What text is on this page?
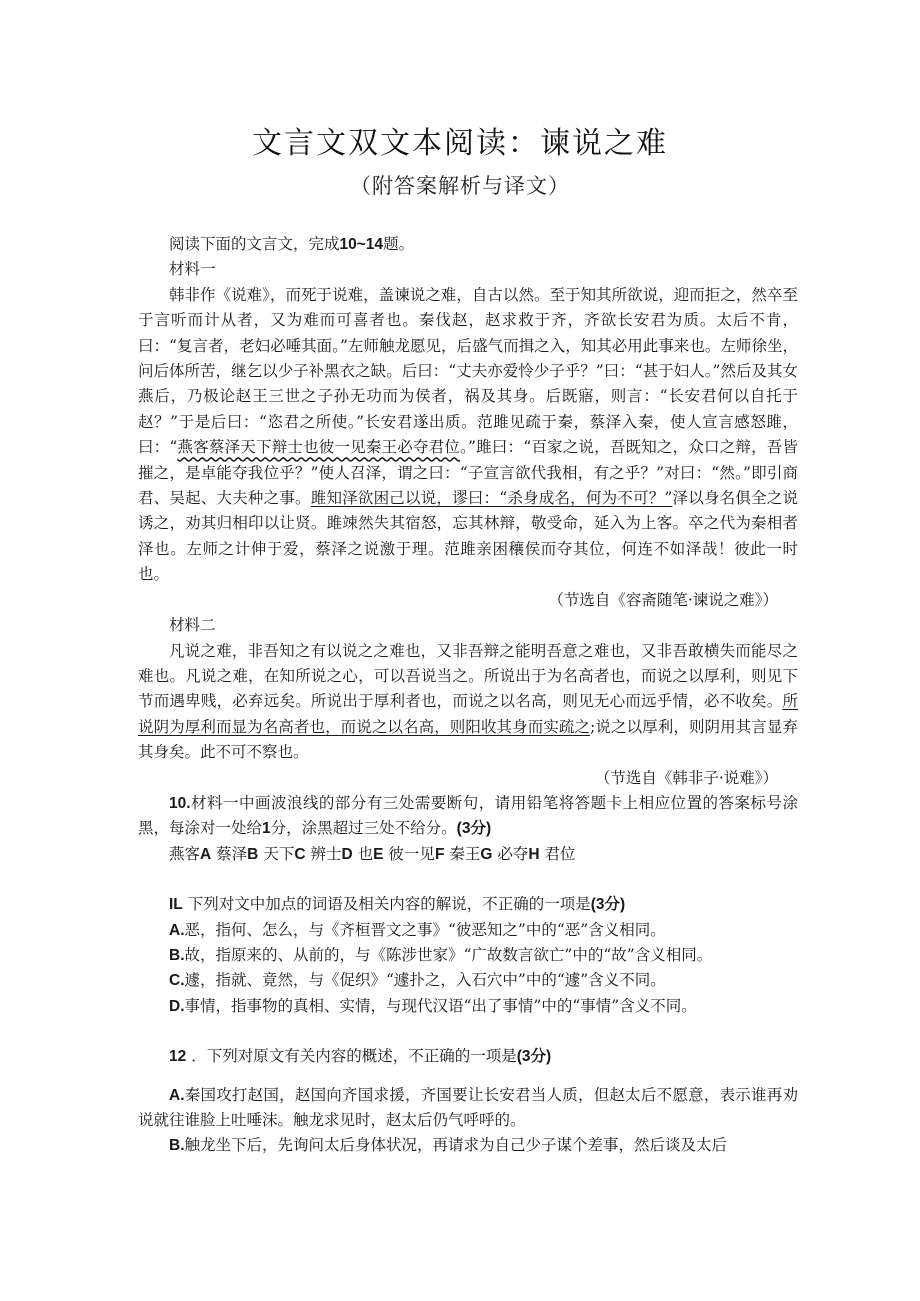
文言文双文本阅读：谏说之难
（附答案解析与译文）

阅读下面的文言文，完成10~14题。

材料一

韩非作《说难》，而死于说难，盖谏说之难，自古以然。至于知其所欲说，迎而拒之，然卒至于言听而计从者，又为难而可喜者也。秦伐赵，赵求救于齐，齐欲长安君为质。太后不肯，曰：“复言者，老妇必唾其面。”左师触龙愿见，后盛气而揖之入，知其必用此事来也。左师徐坐，问后体所苦，继乞以少子补黑衣之缺。后曰：“丈夫亦爱怜少子乎？”曰：“甚于妇人。”然后及其女燕后，乃极论赵王三世之子孙无功而为侯者，祸及其身。后既寤，则言：“长安君何以自托于赵？”于是后曰：“恣君之所使。”长安君遂出质。范雎见疏于秦，蔡泽入秦，使人宣言感怒雎，曰：“燕客蔡泽天下辩士也彼一见秦王必夺君位。”雎曰：“百家之说，吾既知之，众口之辩，吾皆摧之，是卓能夺我位乎？”使人召泽，谓之曰：“子宣言欲代我相，有之乎？”对曰：“然。”即引商君、吴起、大夫种之事。雎知泽欲困己以说，谬曰：“杀身成名，何为不可？”泽以身名俱全之说诱之，劝其归相印以让贤。雎竦然失其宿怒，忘其林辩，敬受命，延入为上客。卒之代为秦相者泽也。左师之计伸于爱，蔡泽之说激于理。范雎亲困穰侯而夺其位，何连不如泽哉！彼此一时也。

（节选自《容斋随笔·谏说之难》）

材料二

凡说之难，非吾知之有以说之之难也，又非吾辩之能明吾意之难也，又非吾敢横失而能尽之难也。凡说之难，在知所说之心，可以吾说当之。所说出于为名高者也，而说之以厚利，则见下节而遇卑贱，必弃远矣。所说出于厚利者也，而说之以名高，则见无心而远乎情，必不收矣。所说阴为厚利而显为名高者也，而说之以名高，则阳收其身而实疏之;说之以厚利，则阴用其言显弃其身矣。此不可不察也。

（节选自《韩非子·说难》）

10.材料一中画波浪线的部分有三处需要断句，请用铅笔将答题卡上相应位置的答案标号涂黑，每涂对一处给1分，涂黑超过三处不给分。(3分)

燕客A 蔡泽B 天下C 辨士D 也E 彼一见F 秦王G 必夺H 君位

IL 下列对文中加点的词语及相关内容的解说，不正确的一项是(3分)

A.恶，指何、怎么，与《齐桓晋文之事》“彼恶知之”中的“恶”含义相同。

B.故，指原来的、从前的，与《陈涉世家》“广故数言欲亡”中的“故”含义相同。

C.遽，指就、竟然，与《促织》“遽扑之，入石穴中”中的“遽”含义不同。

D.事情，指事物的真相、实情，与现代汉语“出了事情”中的“事情”含义不同。

12 ．下列对原文有关内容的概述，不正确的一项是(3分)

A.秦国攻打赵国，赵国向齐国求援，齐国要让长安君当人质，但赵太后不愿意，表示谁再劝说就往谁脸上吐唾沫。触龙求见时，赵太后仍气呼呼的。

B.触龙坐下后，先询问太后身体状况，再请求为自己少子谋个差事，然后谈及太后
